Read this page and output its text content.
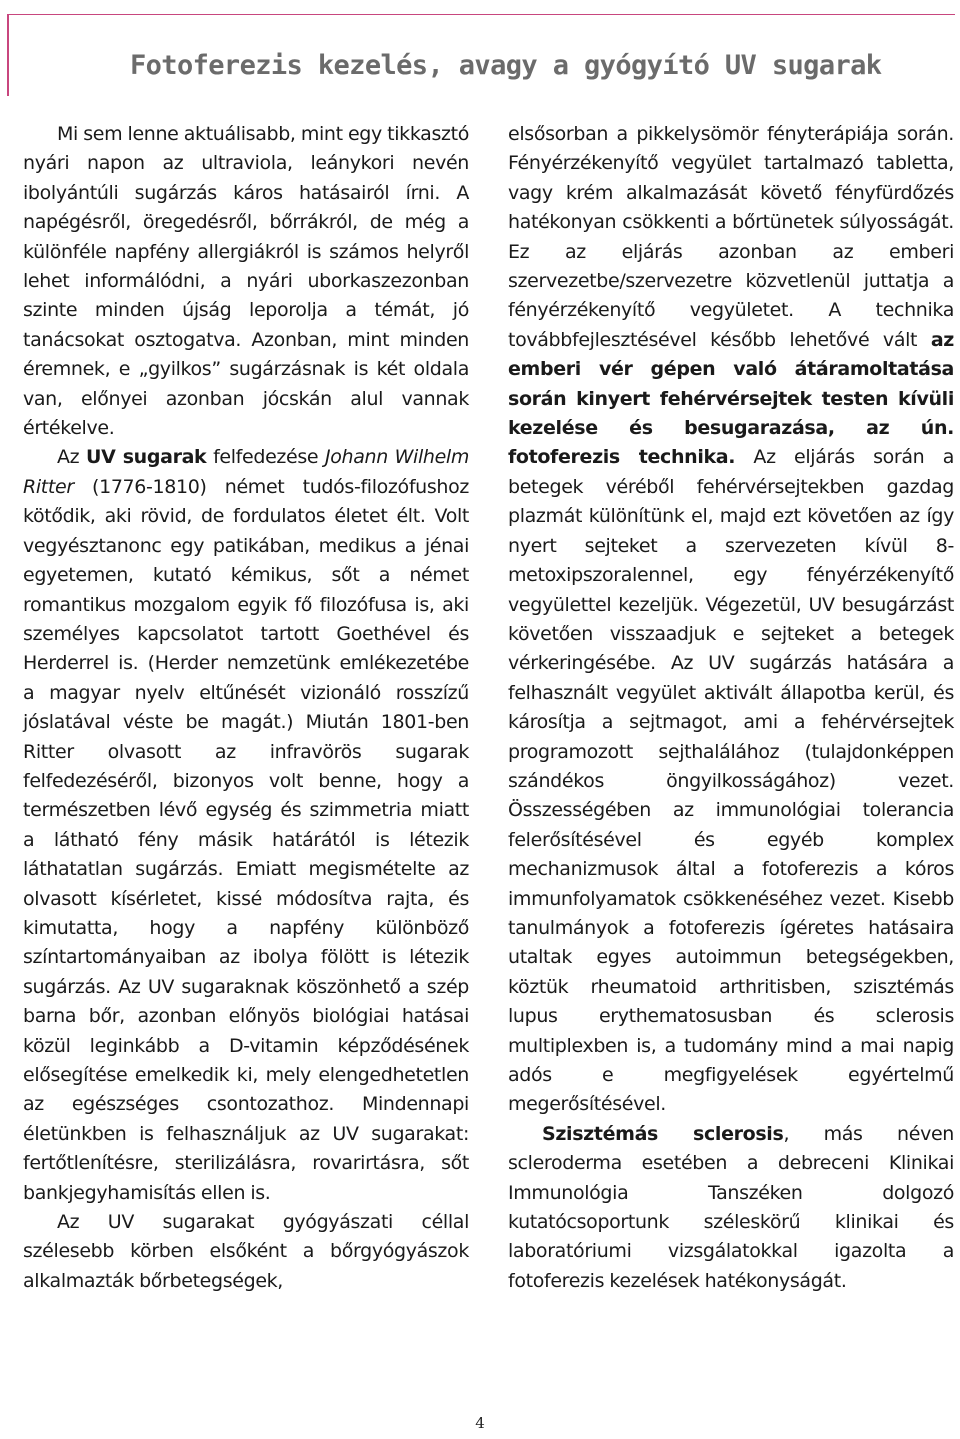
Fotoferezis kezelés, avagy a gyógyító UV sugarak

Mi sem lenne aktuálisabb, mint egy tikkasztó nyári napon az ultraviola, leánykori nevén ibolyántúli sugárzás káros hatásairól írni. A napégésről, öregedésről, bőrrákról, de még a különféle napfény allergiákról is számos helyről lehet informálódni, a nyári uborkaszezonban szinte minden újság leporolja a témát, jó tanácsokat osztogatva. Azonban, mint minden éremnek, e „gyilkos” sugárzásnak is két oldala van, előnyei azonban jócskán alul vannak értékelve.

Az UV sugarak felfedezése Johann Wilhelm Ritter (1776-1810) német tudós-filozófushoz kötődik, aki rövid, de fordulatos életet élt. Volt vegyésztanonc egy patikában, medikus a jénai egyetemen, kutató kémikus, sőt a német romantikus mozgalom egyik fő filozófusa is, aki személyes kapcsolatot tartott Goethével és Herderrel is. (Herder nemzetünk emlékezetébe a magyar nyelv eltűnését vizionáló rosszízű jóslatával véste be magát.) Miután 1801-ben Ritter olvasott az infravörös sugarak felfedezéséről, bizonyos volt benne, hogy a természetben lévő egység és szimmetria miatt a látható fény másik határától is létezik láthatatlan sugárzás. Emiatt megismételte az olvasott kísérletet, kissé módosítva rajta, és kimutatta, hogy a napfény különböző színtartományaiban az ibolya fölött is létezik sugárzás. Az UV sugaraknak köszönhető a szép barna bőr, azonban előnyös biológiai hatásai közül leginkább a D-vitamin képződésének elősegítése emelkedik ki, mely elengedhetetlen az egészséges csontozathoz. Mindennapi életünkben is felhasználjuk az UV sugarakat: fertőtlenítésre, sterilizálásra, rovarirtásra, sőt bankjegyhamisítás ellen is.

Az UV sugarakat gyógyászati céllal szélesebb körben elsőként a bőrgyógyászok alkalmazták bőrbetegségek,

elsősorban a pikkelysömör fényterápiája során. Fényérzékenyítő vegyület tartalmazó tabletta, vagy krém alkalmazását követő fényfürdőzés hatékonyan csökkenti a bőrtünetek súlyosságát. Ez az eljárás azonban az emberi szervezetbe/szervezetre közvetlenül juttatja a fényérzékenyítő vegyületet. A technika továbbfejlesztésével később lehetővé vált az emberi vér gépen való átáramoltatása során kinyert fehérvérsejtek testen kívüli kezelése és besugarazása, az ún. fotoferezis technika. Az eljárás során a betegek véréből fehérvérsejtekben gazdag plazmát különítünk el, majd ezt követően az így nyert sejteket a szervezeten kívül 8-metoxipszoralennel, egy fényérzékenyítő vegyülettel kezeljük. Végezetül, UV besugárzást követően visszaadjuk e sejteket a betegek vérkeringésébe. Az UV sugárzás hatására a felhasznált vegyület aktivált állapotba kerül, és károsítja a sejtmagot, ami a fehérvérsejtek programozott sejthalálához (tulajdonképpen szándékos öngyilkosságához) vezet. Összességében az immunológiai tolerancia felerősítésével és egyéb komplex mechanizmusok által a fotoferezis a kóros immunfolyamatok csökkenéséhez vezet. Kisebb tanulmányok a fotoferezis ígéretes hatásaira utaltak egyes autoimmun betegségekben, köztük rheumatoid arthritisben, szisztémás lupus erythematosusban és sclerosis multiplexben is, a tudomány mind a mai napig adós e megfigyelések egyértelmű megerősítésével.

Szisztémás sclerosis, más néven scleroderma esetében a debreceni Klinikai Immunológia Tanszéken dolgozó kutatócsoportunk széleskörű klinikai és laboratóriumi vizsgálatokkal igazolta a fotoferezis kezelések hatékonyságát.

4
